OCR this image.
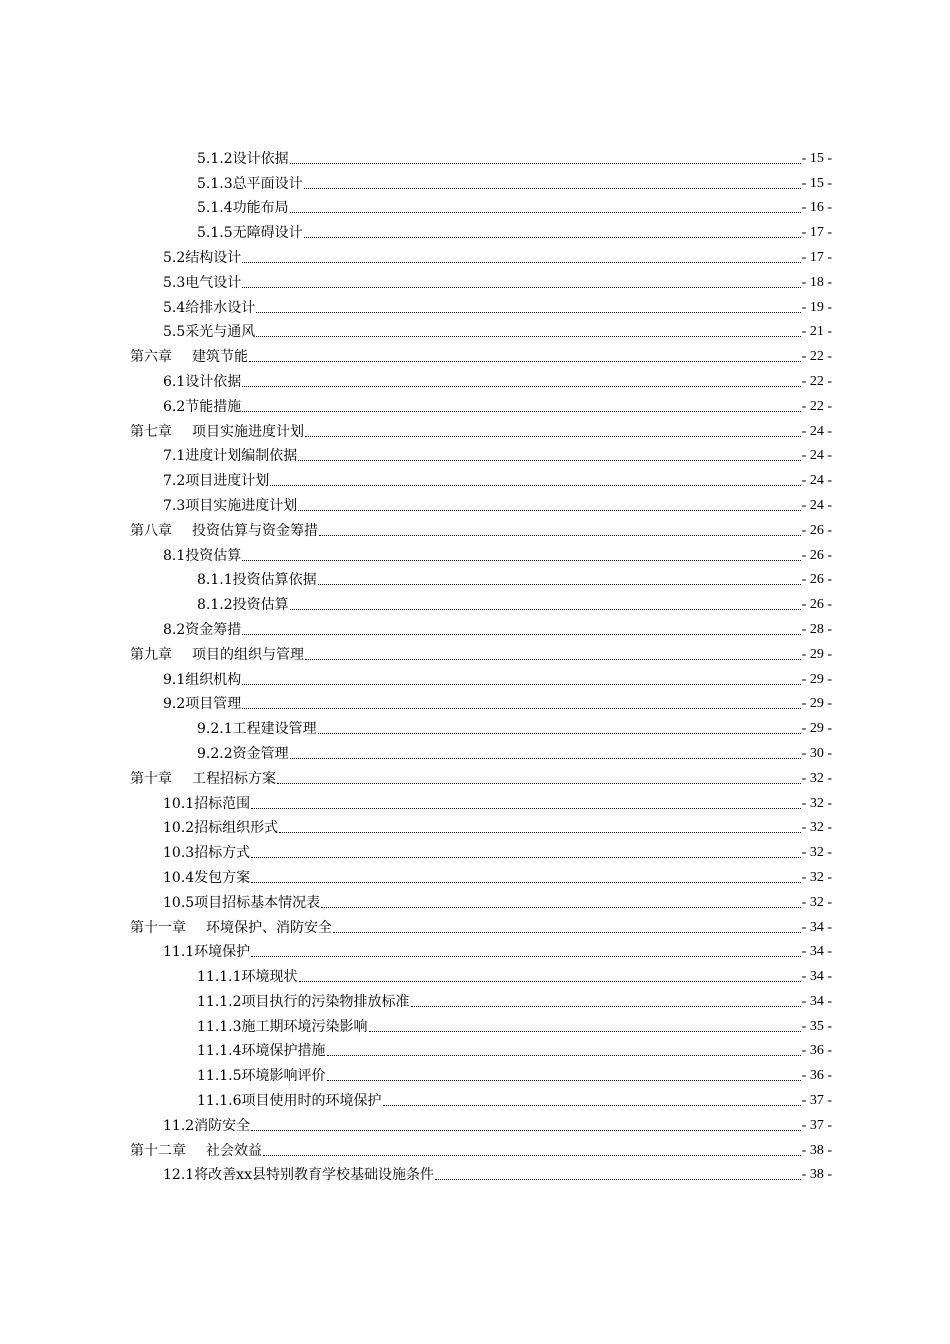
5.1.2设计依据	- 15 -
5.1.3总平面设计	- 15 -
5.1.4功能布局	- 16 -
5.1.5无障碍设计	- 17 -
5.2结构设计	- 17 -
5.3电气设计	- 18 -
5.4给排水设计	- 19 -
5.5采光与通风	- 21 -
第六章 建筑节能	- 22 -
6.1设计依据	- 22 -
6.2节能措施	- 22 -
第七章 项目实施进度计划	- 24 -
7.1进度计划编制依据	- 24 -
7.2项目进度计划	- 24 -
7.3项目实施进度计划	- 24 -
第八章 投资估算与资金筹措	- 26 -
8.1投资估算	- 26 -
8.1.1投资估算依据	- 26 -
8.1.2投资估算	- 26 -
8.2资金筹措	- 28 -
第九章 项目的组织与管理	- 29 -
9.1组织机构	- 29 -
9.2项目管理	- 29 -
9.2.1工程建设管理	- 29 -
9.2.2资金管理	- 30 -
第十章 工程招标方案	- 32 -
10.1招标范围	- 32 -
10.2招标组织形式	- 32 -
10.3招标方式	- 32 -
10.4发包方案	- 32 -
10.5项目招标基本情况表	- 32 -
第十一章 环境保护、消防安全	- 34 -
11.1环境保护	- 34 -
11.1.1环境现状	- 34 -
11.1.2项目执行的污染物排放标准	- 34 -
11.1.3施工期环境污染影响	- 35 -
11.1.4环境保护措施	- 36 -
11.1.5环境影响评价	- 36 -
11.1.6项目使用时的环境保护	- 37 -
11.2消防安全	- 37 -
第十二章 社会效益	- 38 -
12.1将改善xx县特别教育学校基础设施条件	- 38 -
